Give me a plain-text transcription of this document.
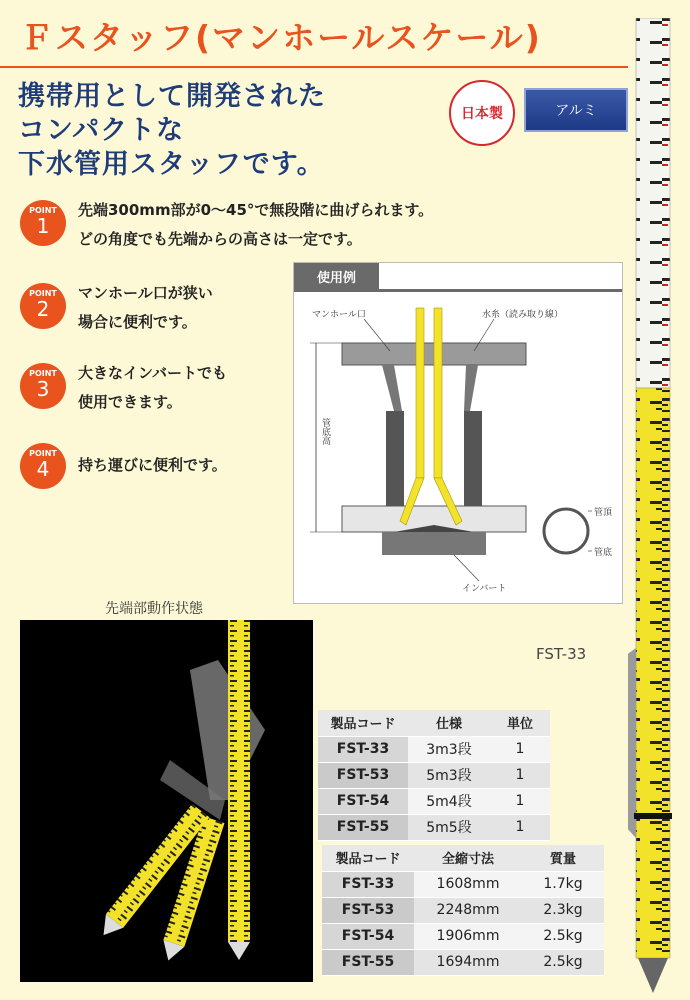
Ｆスタッフ(マンホールスケール)
携帯用として開発された
コンパクトな
下水管用スタッフです。
日本製	アルミ
POINT
1
先端300mm部が0～45°で無段階に曲げられます。
どの角度でも先端からの高さは一定です。
POINT
2
マンホール口が狭い
場合に便利です。
POINT
3
大きなインバートでも
使用できます。
POINT
4	持ち運びに便利です。
使用例
マンホール口	水糸（読み取り線）
管底高
管頂
管底
インバート
先端部動作状態
FST-33
製品コード	仕様	単位
FST-33	3m3段	1
FST-53	5m3段	1
FST-54	5m4段	1
FST-55	5m5段	1
製品コード	全縮寸法	質量
FST-33	1608mm	1.7kg
FST-53	2248mm	2.3kg
FST-54	1906mm	2.5kg
FST-55	1694mm	2.5kg
